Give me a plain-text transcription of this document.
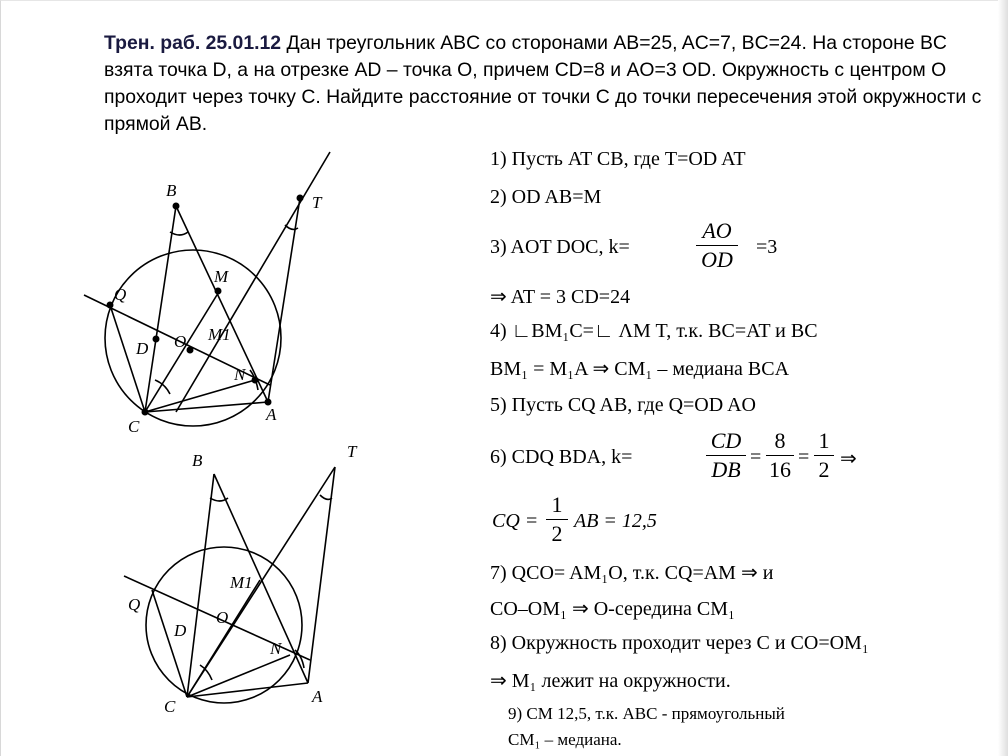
Трен. раб. 25.01.12 Дан треугольник ABC со сторонами AB=25, AC=7, BC=24. На стороне BC взята точка D, а на отрезке AD – точка O, причем CD=8 и AO=3 OD. Окружность с центром O проходит через точку C. Найдите расстояние от точки C до точки пересечения этой окружности с прямой AB.
B
T
M
Q
D O M1
N
C
A
B	T
M1
Q
D
O
N
C
A
1) Пусть AT CB, где T=OD AT
2) OD AB=M
3) AOT DOC, k=
AO
OD =3
⇒ AT = 3 CD=24
4) ∟BM₁C=∟ ΛM T, т.к. BC=AT и BC
BM₁ = M₁A ⇒ CM₁ – медиана BCA
5) Пусть CQ AB, где Q=OD AO
6) CDQ BDA, k=
CD
DB =
8
16 =
1
2 ⇒
CQ =
1
2 AB = 12,5
7) QCO= AM₁O, т.к. CQ=AM ⇒ и
CO–OM₁ ⇒ O-середина CM₁
8) Окружность проходит через C и CO=OM₁
⇒ M₁ лежит на окружности.
9) CM 12,5, т.к. ABC - прямоугольный
CM₁ – медиана.
